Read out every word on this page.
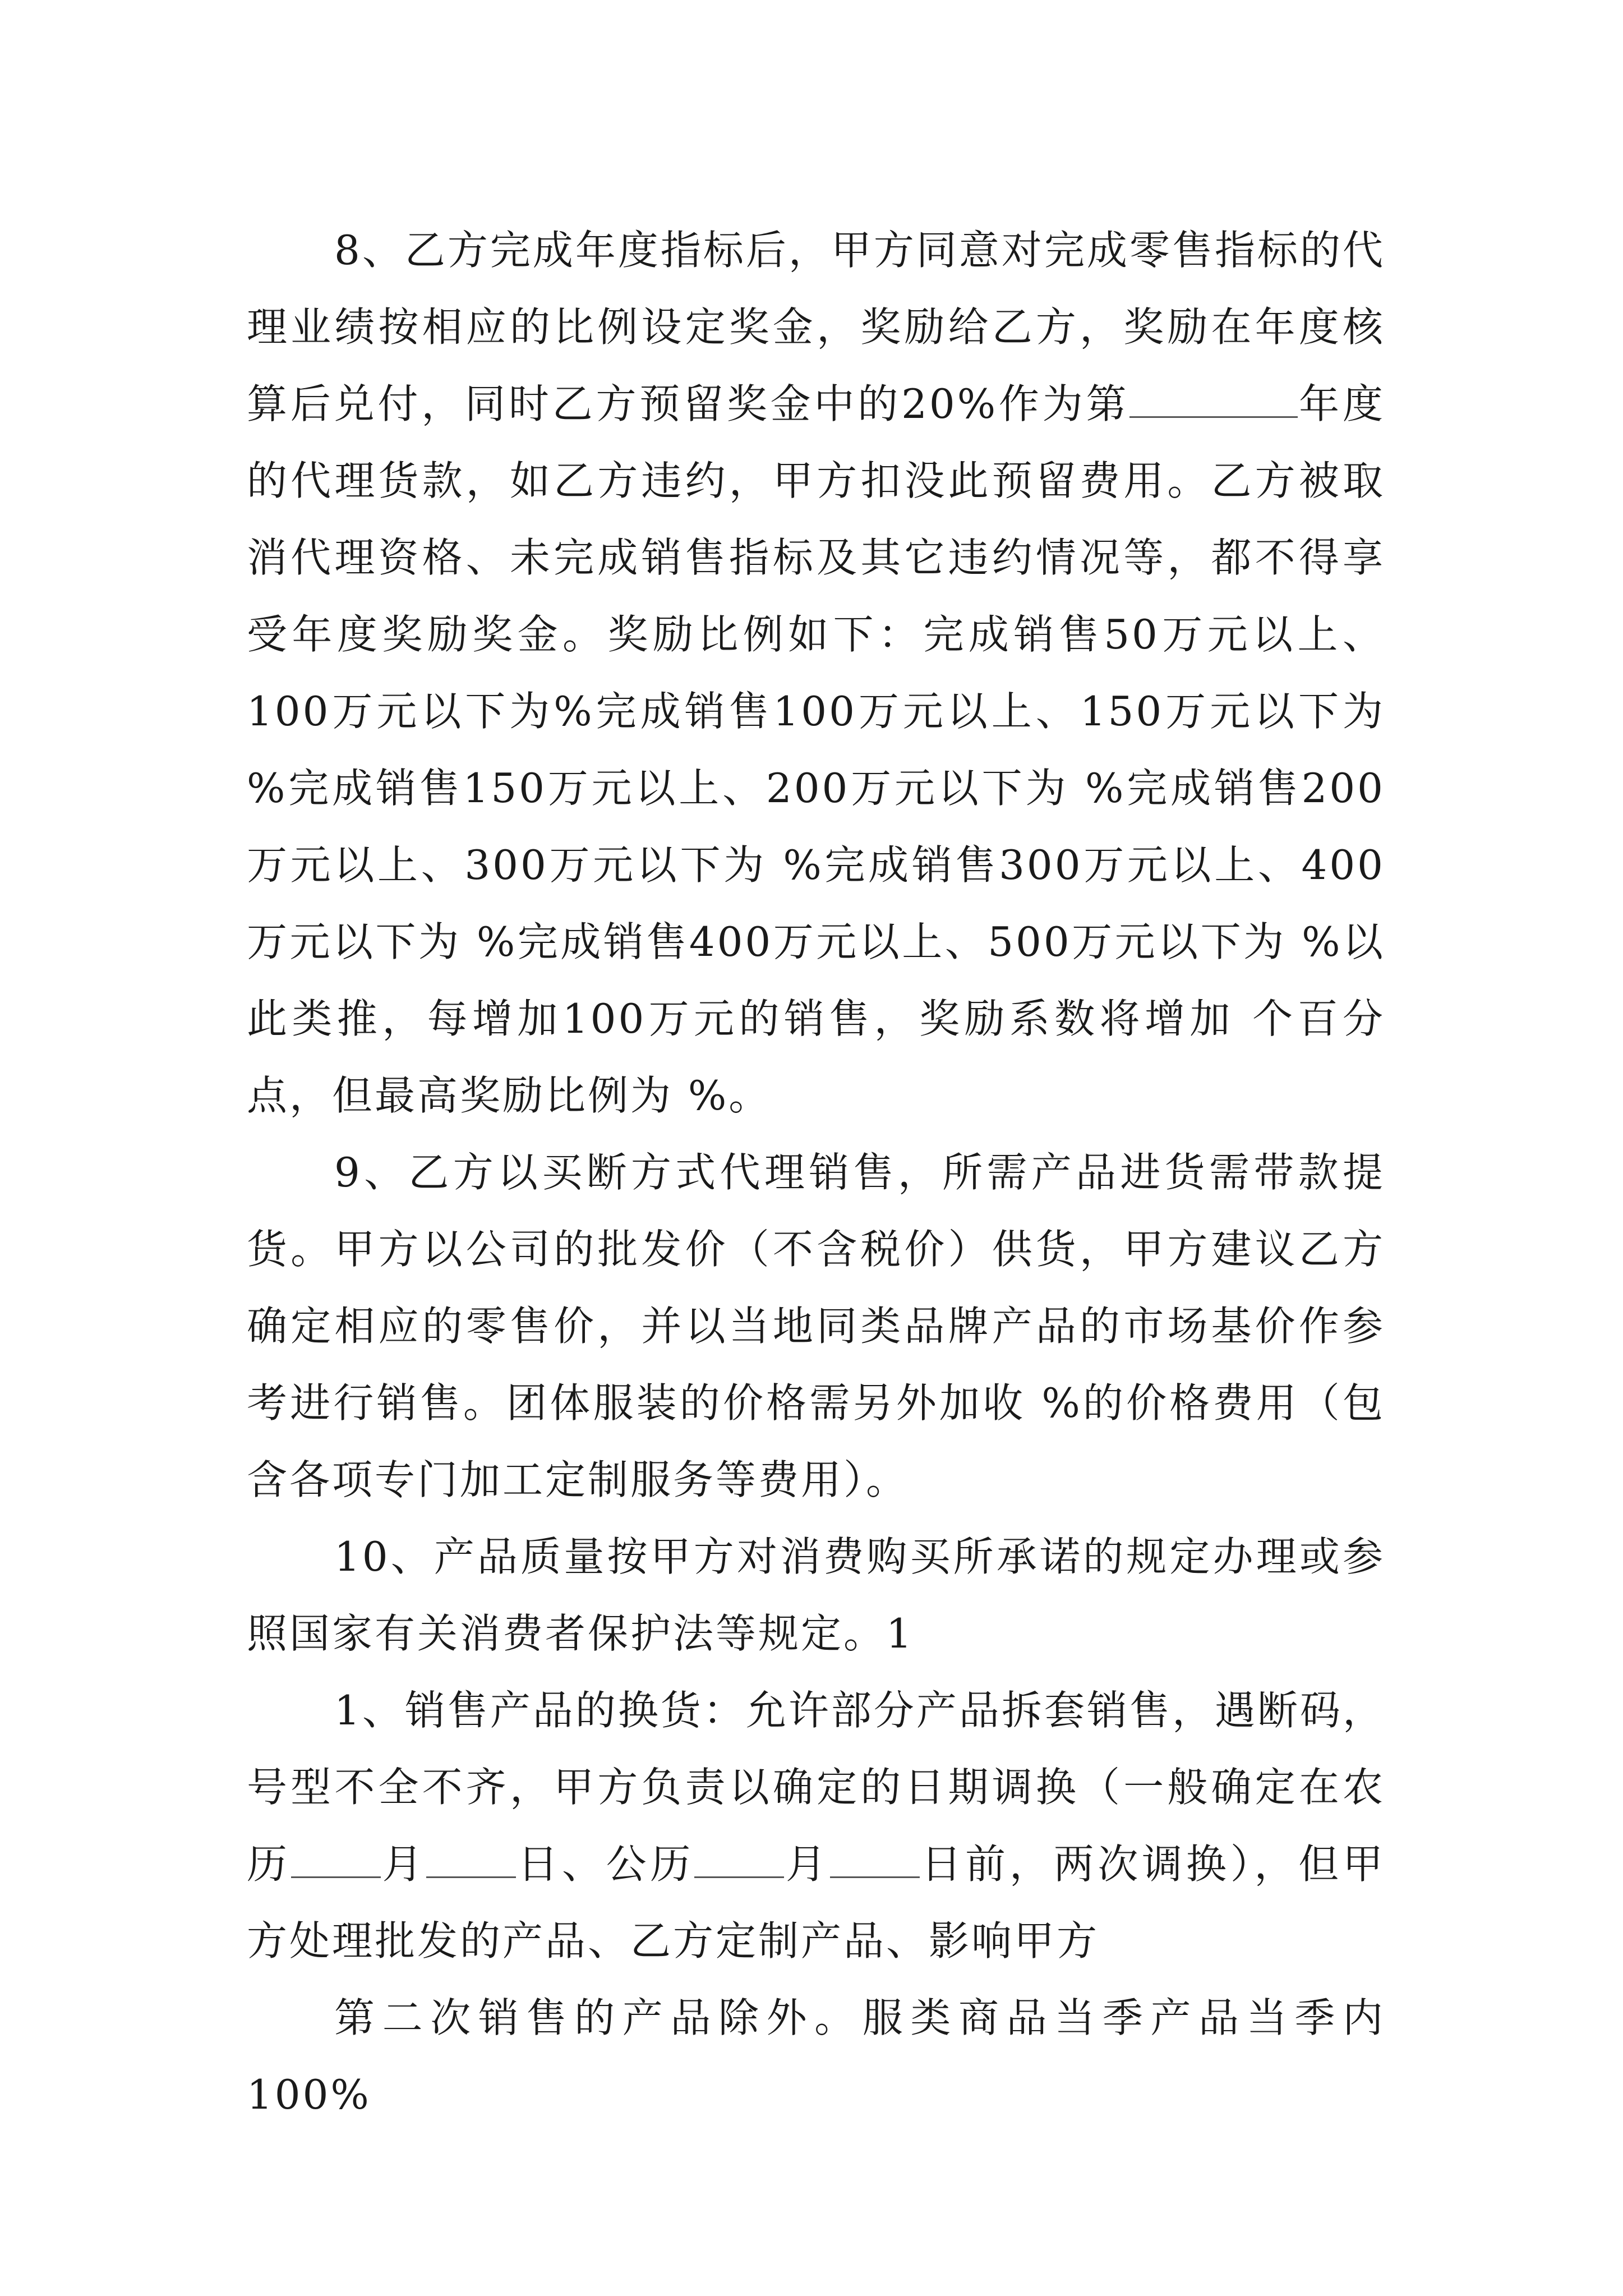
8、乙方完成年度指标后，甲方同意对完成零售指标的代理业绩按相应的比例设定奖金，奖励给乙方，奖励在年度核算后兑付，同时乙方预留奖金中的20%作为第	年度的代理货款，如乙方违约，甲方扣没此预留费用。乙方被取消代理资格、未完成销售指标及其它违约情况等，都不得享受年度奖励奖金。奖励比例如下：完成销售50万元以上、100万元以下为%完成销售100万元以上、150万元以下为 %完成销售150万元以上、200万元以下为 %完成销售200万元以上、300万元以下为 %完成销售300万元以上、400万元以下为 %完成销售400万元以上、500万元以下为 %以此类推，每增加100万元的销售，奖励系数将增加 个百分点，但最高奖励比例为 %。

9、乙方以买断方式代理销售，所需产品进货需带款提货。甲方以公司的批发价（不含税价）供货，甲方建议乙方确定相应的零售价，并以当地同类品牌产品的市场基价作参考进行销售。团体服装的价格需另外加收 %的价格费用（包含各项专门加工定制服务等费用）。

10、产品质量按甲方对消费购买所承诺的规定办理或参照国家有关消费者保护法等规定。1

1、销售产品的换货：允许部分产品拆套销售，遇断码，号型不全不齐，甲方负责以确定的日期调换（一般确定在农历 月 日、公历 月 日前，两次调换），但甲方处理批发的产品、乙方定制产品、影响甲方

第二次销售的产品除外。服类商品当季产品当季内100%
